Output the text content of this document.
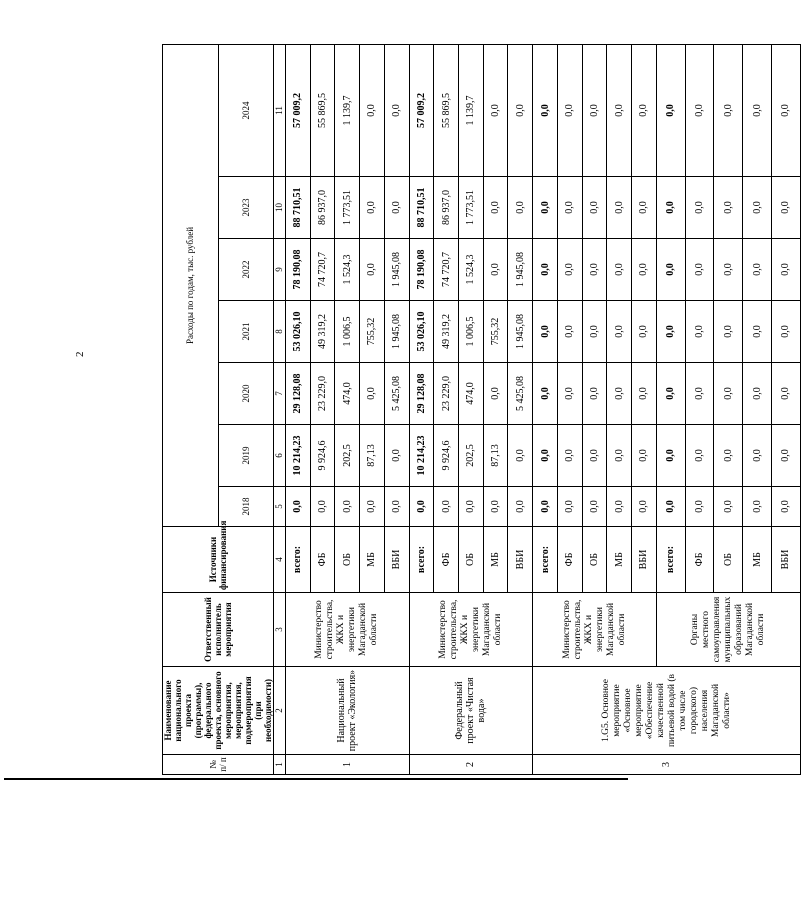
2
№ п/ п	Наименование национального проекта (программы), федерального проекта, основного мероприятия, мероприятия, подмероприятия (при необходимости)	Ответственный исполнитель мероприятия	Источники финансирования	Расходы по годам, тыс. рублей						
				2018	2019	2020	2021	2022	2023	2024
1	2	3	4	5	6	7	8	9	10	11
1	Национальный проект «Экология»	Министерство строительства, ЖКХ и энергетики Магаданской области	всего:	0,0	10 214,23	29 128,08	53 026,10	78 190,08	88 710,51	57 009,2
			ФБ	0,0	9 924,6	23 229,0	49 319,2	74 720,7	86 937,0	55 869,5
			ОБ	0,0	202,5	474,0	1 006,5	1 524,3	1 773,51	1 139,7
			МБ	0,0	87,13	0,0	755,32	0,0	0,0	0,0
			ВБИ	0,0	0,0	5 425,08	1 945,08	1 945,08	0,0	0,0
2	Федеральный проект «Чистая вода»	Министерство строительства, ЖКХ и энергетики Магаданской области	всего:	0,0	10 214,23	29 128,08	53 026,10	78 190,08	88 710,51	57 009,2
			ФБ	0,0	9 924,6	23 229,0	49 319,2	74 720,7	86 937,0	55 869,5
			ОБ	0,0	202,5	474,0	1 006,5	1 524,3	1 773,51	1 139,7
			МБ	0,0	87,13	0,0	755,32	0,0	0,0	0,0
			ВБИ	0,0	0,0	5 425,08	1 945,08	1 945,08	0,0	0,0
3	1.G5. Основное мероприятие «Основное мероприятие «Обеспечение качественной питьевой водой (в том числе городского) населения Магаданской области»	Министерство строительства, ЖКХ и энергетики Магаданской области	всего:	0,0	0,0	0,0	0,0	0,0	0,0	0,0
			ФБ	0,0	0,0	0,0	0,0	0,0	0,0	0,0
			ОБ	0,0	0,0	0,0	0,0	0,0	0,0	0,0
			МБ	0,0	0,0	0,0	0,0	0,0	0,0	0,0
			ВБИ	0,0	0,0	0,0	0,0	0,0	0,0	0,0
		Органы местного самоуправления муниципальных образований Магаданской области	всего:	0,0	0,0	0,0	0,0	0,0	0,0	0,0
			ФБ	0,0	0,0	0,0	0,0	0,0	0,0	0,0
			ОБ	0,0	0,0	0,0	0,0	0,0	0,0	0,0
			МБ	0,0	0,0	0,0	0,0	0,0	0,0	0,0
			ВБИ	0,0	0,0	0,0	0,0	0,0	0,0	0,0
